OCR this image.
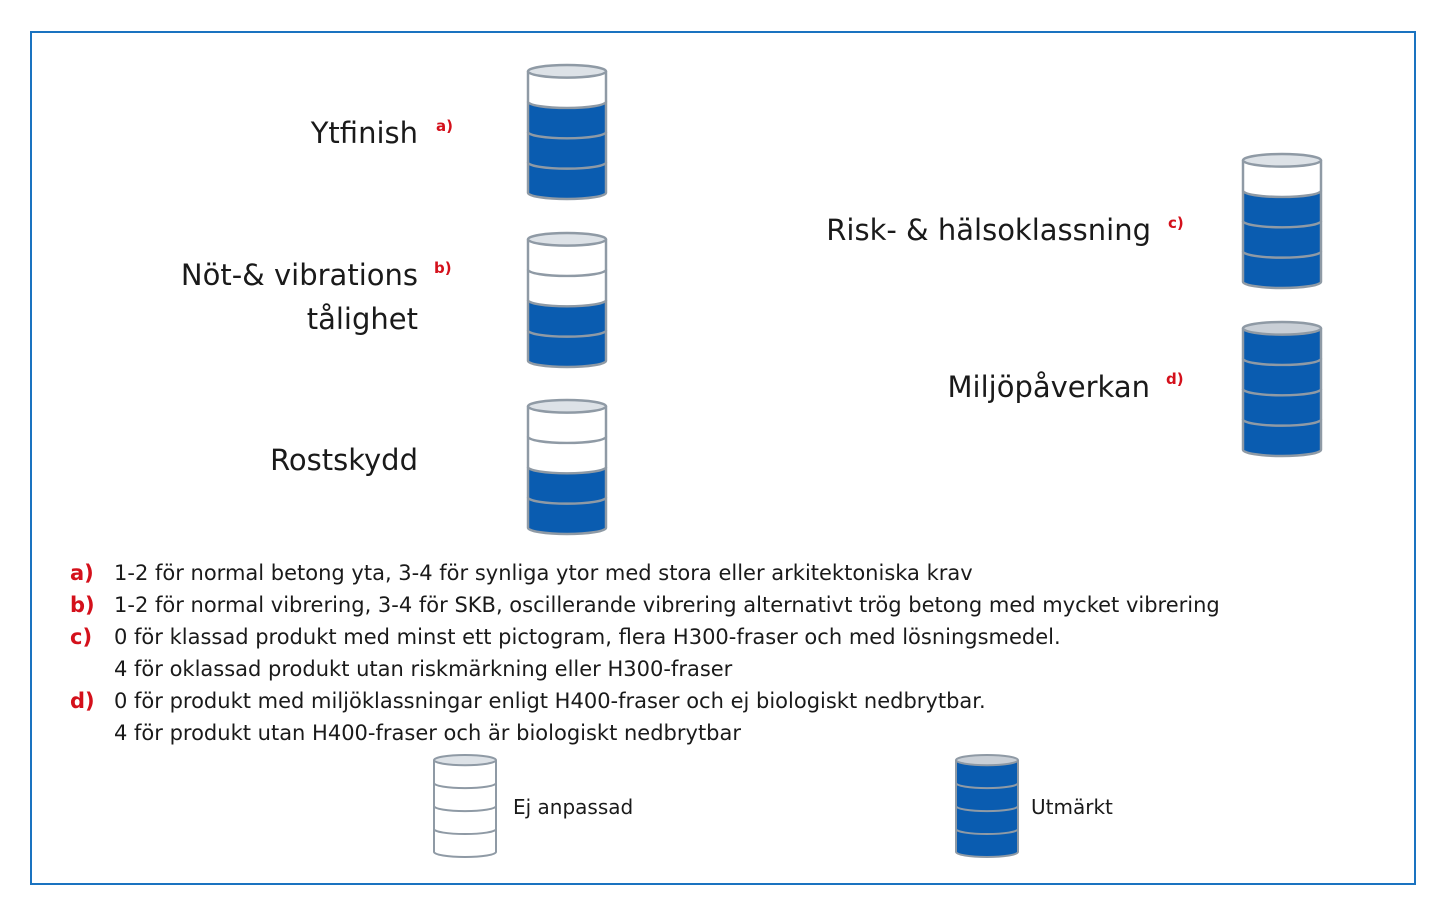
Ytfinish a)
Nöt-& vibrations
tålighet
b)
Rostskydd
Risk- & hälsoklassning c)
Miljöpåverkan d)
a) 1-2 för normal betong yta, 3-4 för synliga ytor med stora eller arkitektoniska krav
b) 1-2 för normal vibrering, 3-4 för SKB, oscillerande vibrering alternativt trög betong med mycket vibrering
c) 0 för klassad produkt med minst ett pictogram, flera H300-fraser och med lösningsmedel.
4 för oklassad produkt utan riskmärkning eller H300-fraser
d) 0 för produkt med miljöklassningar enligt H400-fraser och ej biologiskt nedbrytbar.
4 för produkt utan H400-fraser och är biologiskt nedbrytbar
Ej anpassad	Utmärkt
